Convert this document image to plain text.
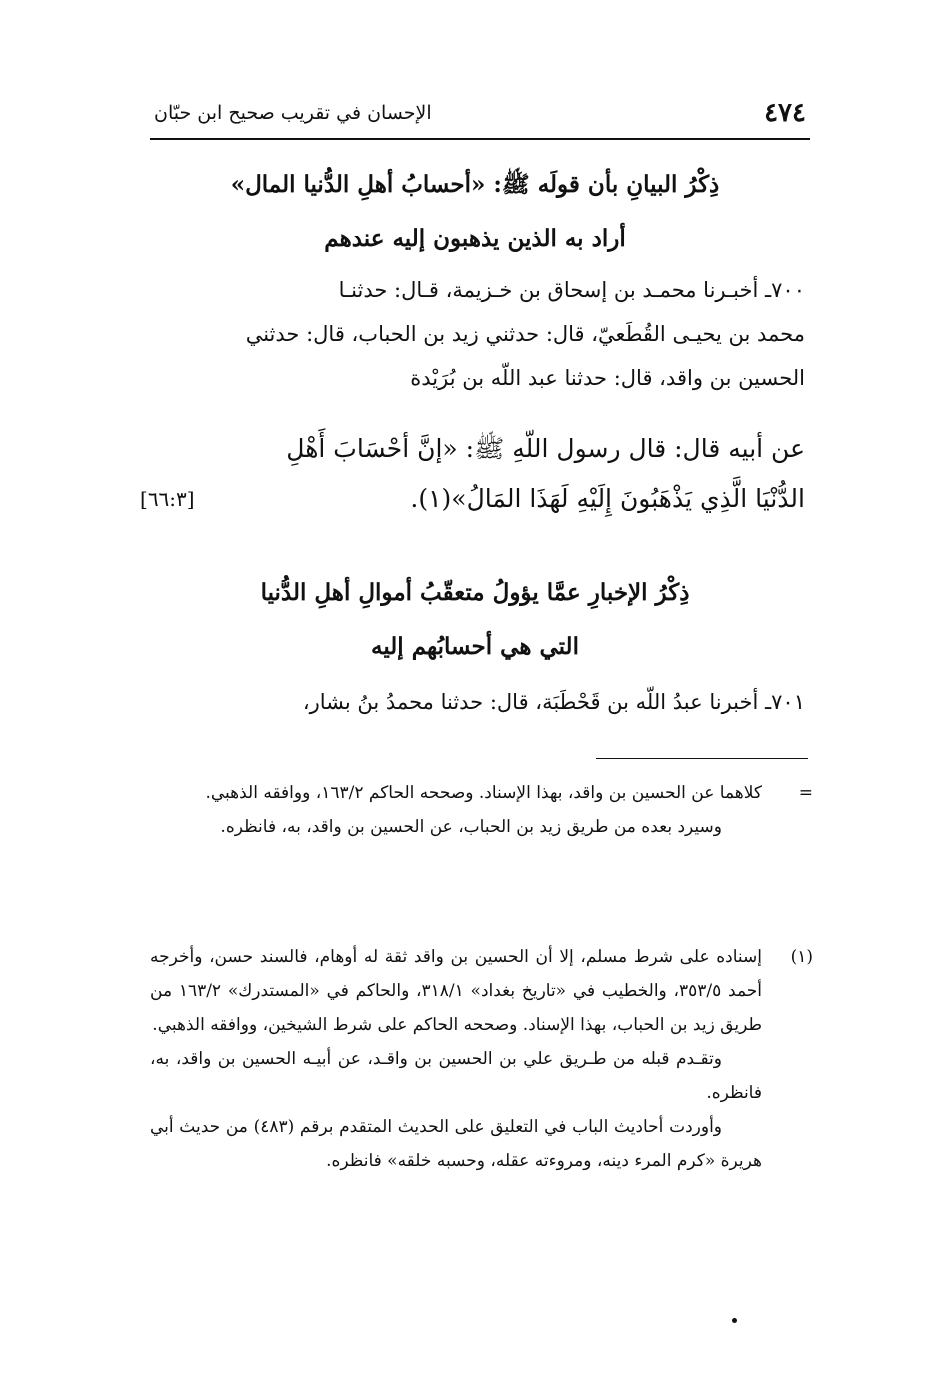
٤٧٤
الإحسان في تقريب صحيح ابن حبّان
ذِكْرُ البيانِ بأن قولَه ﷺ: «أحسابُ أهلِ الدُّنيا المال»
أراد به الذين يذهبون إليه عندهم
٧٠٠ـ أخبـرنا محمـد بن إسحاق بن خـزيمة، قـال: حدثنـا
محمد بن يحيـى القُطَعيّ، قال: حدثني زيد بن الحباب، قال: حدثني
الحسين بن واقد، قال: حدثنا عبد اللّه بن بُرَيْدة
عن أبيه قال: قال رسول اللّهِ ﷺ: «إنَّ أحْسَابَ أَهْلِ
الدُّنْيَا الَّذِي يَذْهَبُونَ إِلَيْهِ لَهَذَا المَالُ»(١).
[٦٦:٣]
ذِكْرُ الإخبارِ عمَّا يؤولُ متعقّبُ أموالِ أهلِ الدُّنيا
التي هي أحسابُهم إليه
٧٠١ـ أخبرنا عبدُ اللّه بن قَحْطَبَة، قال: حدثنا محمدُ بنُ بشار،
=
كلاهما عن الحسين بن واقد، بهذا الإسناد. وصححه الحاكم ١٦٣/٢، ووافقه الذهبي.
وسيرد بعده من طريق زيد بن الحباب، عن الحسين بن واقد، به، فانظره.
(١)
إسناده على شرط مسلم، إلا أن الحسين بن واقد ثقة له أوهام، فالسند حسن، وأخرجه أحمد ٣٥٣/٥، والخطيب في «تاريخ بغداد» ٣١٨/١، والحاكم في «المستدرك» ١٦٣/٢ من طريق زيد بن الحباب، بهذا الإسناد. وصححه الحاكم على شرط الشيخين، ووافقه الذهبي.
وتقـدم قبله من طـريق علي بن الحسين بن واقـد، عن أبيـه الحسين بن واقد، به، فانظره.
وأوردت أحاديث الباب في التعليق على الحديث المتقدم برقم (٤٨٣) من حديث أبي هريرة «كرم المرء دينه، ومروءته عقله، وحسبه خلقه» فانظره.
